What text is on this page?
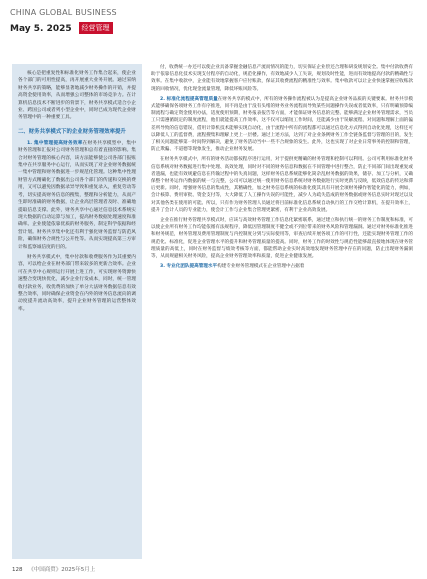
CHINA GLOBAL BUSINESS
May 5. 2025 经营管理

核心是把重复性和标准化财务工作集合起来，使企业各个部门的可用性提高，再开展重大业务开展。通过采纳财务共享的策略，能够显著地减少财务操作的开销，并提高资金使用效率，从而增强公司整体的市场竞争力。在计算机信息技术不断进步的背景下，财务共享模式适合小企业、跨国公司或者列小型企业中，同时已成为现代企业财务管理中的一种重要工具。

二、财务共享模式下的企业财务管理效率提升

1. 集中管理提高财务效率在财务共享模型中，集中财务管理和汇报对公司财务管理和总有着直接的影响。集合对财务管理的核心内容，该方法能够使公司各部门报账集中在共享服务中心运行，从而实现了对企业财务数据统一集中管理和财务数据进一步规范化管理。这种集中性理财管方式精确化了数据出公司各个部门的传递和交换的费用，又可以避免因数据录异导致和重复录入，重复劳动等考，切实提高财务信息的搜集，整理和分析能力，从而产生即时准确的财务数据，让企业高层管理者及时、准确地提取信息支撑。此外，财务共享中心通过信息技术系统实现大数据的自动运算与加工，提高财务数据处理速度和准确率。企业使能依靠优质的财务服务，制定科学依据和经营计划。财务共享集中化还有利于强化财务监督与防范风险，确保财务合规性与公开性等。从而实现提高第三方审计和监察诚信度的目的。

财务共享模式中，集中付款和收费服务作为其重要内容，可以给企业在财务部门带来较多的更新合效率。企业可在共享中心规则运行开展上进工作，可实现财务资源快速整合变现快优化，减少企业行发成本，同时，统一管理收付款业务，收优费的加快了单分大法财务数据信息有效整合效率，同时确保企业资金在内外的财务信息流向的调动度提升流动高效率，提升企业财务管理的运营整体效率。

付，收费统一办还可以使企业具备掌握金融信息产流而情况的能力，切实保证企业偿还合理和研发规划安全。集中付款收费有助于依靠信息化技术实现支付程序的自动化，规范化操作，有效地减少人工失误，规划及时性能，进而有效地提高付款的精确性与效率。在集中收款中，企业能有效地掌握客户应付账款，保证其收费流程的精准性与效率。集中收款可以让企业快速掌握应收账款现的回收情况，优化现金流量管理，降低坏账风险等。

2. 标准化流程提高管理质量在财务共享的模式中，所有的财务操作流程被认为是提高企业财务品质的关键要素。财务共享模式能够确保各项财务工作有序推进，同不再是由于没有头绪的财务业务流程而导致某些问题操作失误或者低效率，只有明确预算编制流程与确定资金使用办法，适度使用预期，财务报表报告等方面，才能保证财务信息的完整、能够满足企业财务管理需求，当员工只需遵循既定的制度流程，他们就能提高工作效率，这不仅可以缩短工作时间，还能减少由于误解流程、对问题和理解上面的偏差所导致的信息错误，借用计算机技术能够实现自动化，由于流程中所有的流程都可以通过信息化方式得到自动化处理，这样还可以降低人工的监督费，流程搜集和理解上更上一层楼。通过上述方法，达到了对企业条例财务工作全链条监督与管理的目的，发生了相关问题能够第一时间得到解决，避免了财务活动当中一些不合规象的发生。此外，这也实现了对企业日常事务的控制和管理，防止欺骗、不道德等现象发生，推动企业财务发展。

在财务共享模式中，所有的财务活动都按程序进行运用，对于提供更精确的财务管理和控制可以利用。公司可利用标准化财务信息系统对财务数据进行集中处理、高效处理，同时对不同的财务信息和数据在不同管理中进行整合，防止不同部门间出现重复或者遗漏，也能有效规避信息在传输过程中的失真问题，这样财务信息系统能够化简杂乱财务数据的效果，储存、加工与分析，又确保整个财务运作内数据的统一与完整，公司可以通过统一使用财务信息系统对财务数据进行实时更新与反映，低效信息的传达和滞后更新。同时，增强财务信息的集成性，其精确性，加之财务信息系统的标准化使其具有开展全项财务操作智能化的能力，例如，会计核算、费用审批、资金支付等，大大降低了人工操作失误的可能性，减少人为疏失造成的财务数据或财务信息实时对现过以及对其他各类在使用的可能。所以，只有作为财务管理人员通过将目前标准化信息系统自动执行的工作交给计算机，在提升效率上，提升了会计人员的专业能力，使会计工作与企业集合管理更紧密，有利于企业高效发展。

企业在推行财务管理共享模式时，应该与高效财务管理工作信息化紧密联系，通过建立和执行统一的财务工作制度和标准，可以使企业所有财务工作均能依循有法规程序，降低因管理制度不健全或不到位带来的财务风险和管理漏洞。通过对财务标准化推进和财务规范，财务管理及费用管理制度与内控制度分到与实际使用等，审查后续开展各项工作的可行性，还能实现财务管理工作的规范化、标准化，促进企业管理水平的提升和财务管理质量的提高。同时，财务工作的时效性与规范性能够最直接地体现在财务管理质量的高低上，同时在财务监督与绩效考核等方面，都能帮助企业实时高效地发现财务管理中存在的问题，防止出现财务漏洞等，从而规避相关财务风险，提高企业财务管理效率和质量，促进企业健康发展。

3. 专业化团队提高管理水平构建专业财务管理模式在企业管理中占据着

128 《中国商贸》2025年5月上
